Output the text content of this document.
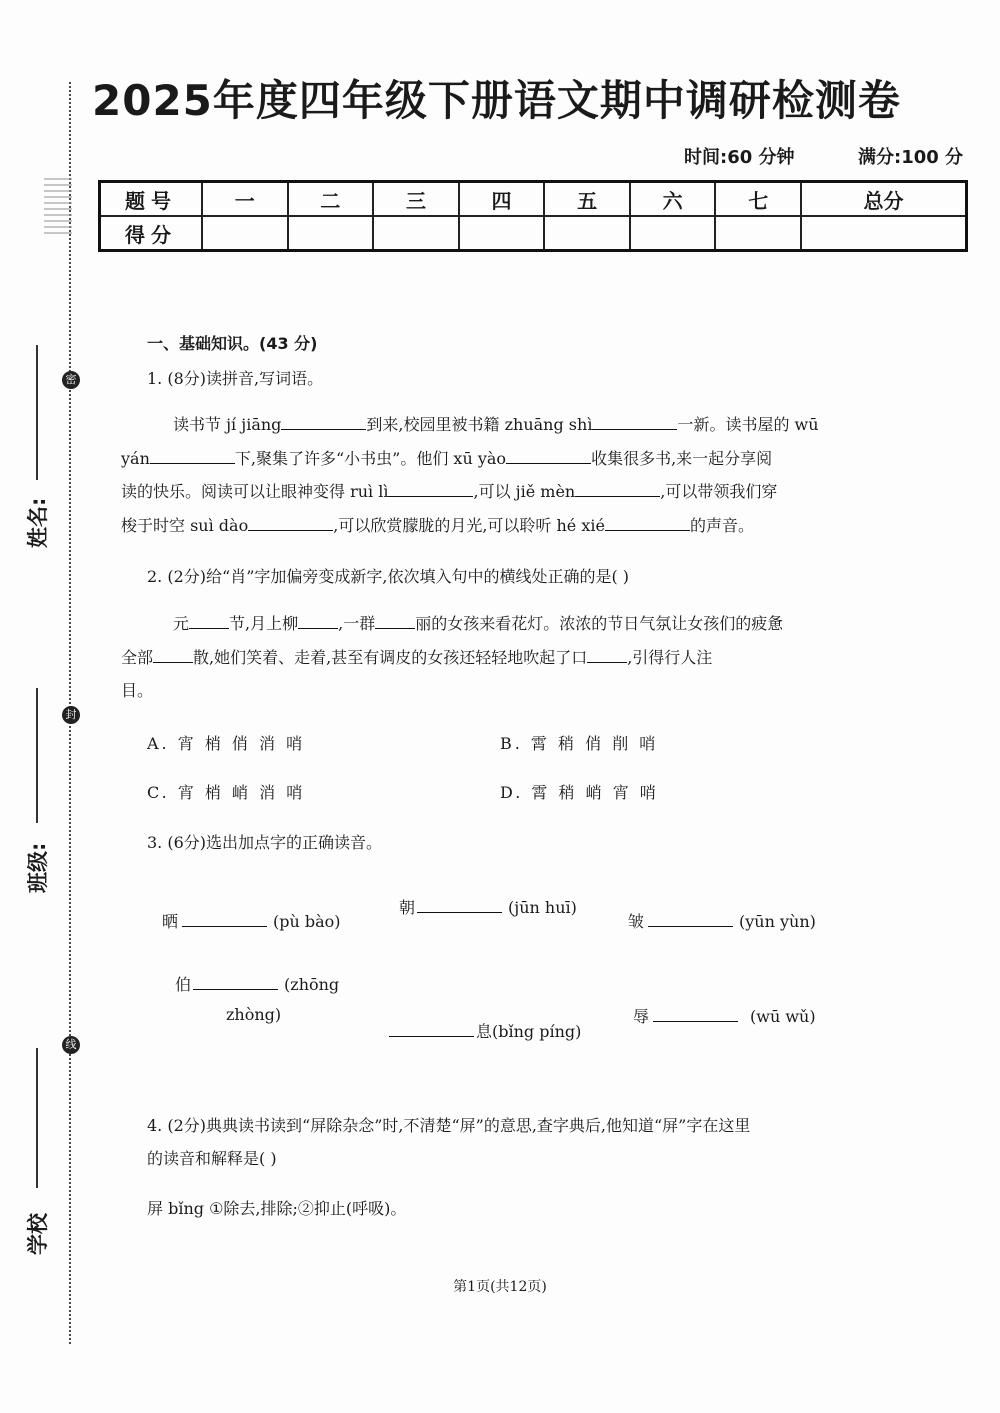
密
封
线
姓名:
班级:
学校
2025年度四年级下册语文期中调研检测卷
时间:60 分钟	满分:100 分
题号	一	二	三	四	五	六	七	总分
得分								
一、基础知识。(43 分)
1. (8分)读拼音,写词语。
读书节 jí jiāng	到来,校园里被书籍 zhuāng shì	一新。读书屋的 wū
yán	下,聚集了许多“小书虫”。他们 xū yào	收集很多书,来一起分享阅
读的快乐。阅读可以让眼神变得 ruì lì	,可以 jiě mèn	,可以带领我们穿
梭于时空 suì dào	,可以欣赏朦胧的月光,可以聆听 hé xié	的声音。
2. (2分)给“肖”字加偏旁变成新字,依次填入句中的横线处正确的是( )
元	节,月上柳	,一群	丽的女孩来看花灯。浓浓的节日气氛让女孩们的疲惫
全部	散,她们笑着、走着,甚至有调皮的女孩还轻轻地吹起了口	,引得行人注
目。
A. 宵 梢 俏 消 哨	B. 霄 稍 俏 削 哨
C. 宵 梢 峭 消 哨	D. 霄 稍 峭 宵 哨
3. (6分)选出加点字的正确读音。
晒	(pù bào)
朝	(jūn huī)
皱	(yūn yùn)
伯	(zhōng
zhòng)
息(bǐng píng)
辱	(wū wǔ)
4. (2分)典典读书读到“屏除杂念”时,不清楚“屏”的意思,查字典后,他知道“屏”字在这里
的读音和解释是( )
屏 bǐng ①除去,排除;②抑止(呼吸)。
第1页(共12页)
